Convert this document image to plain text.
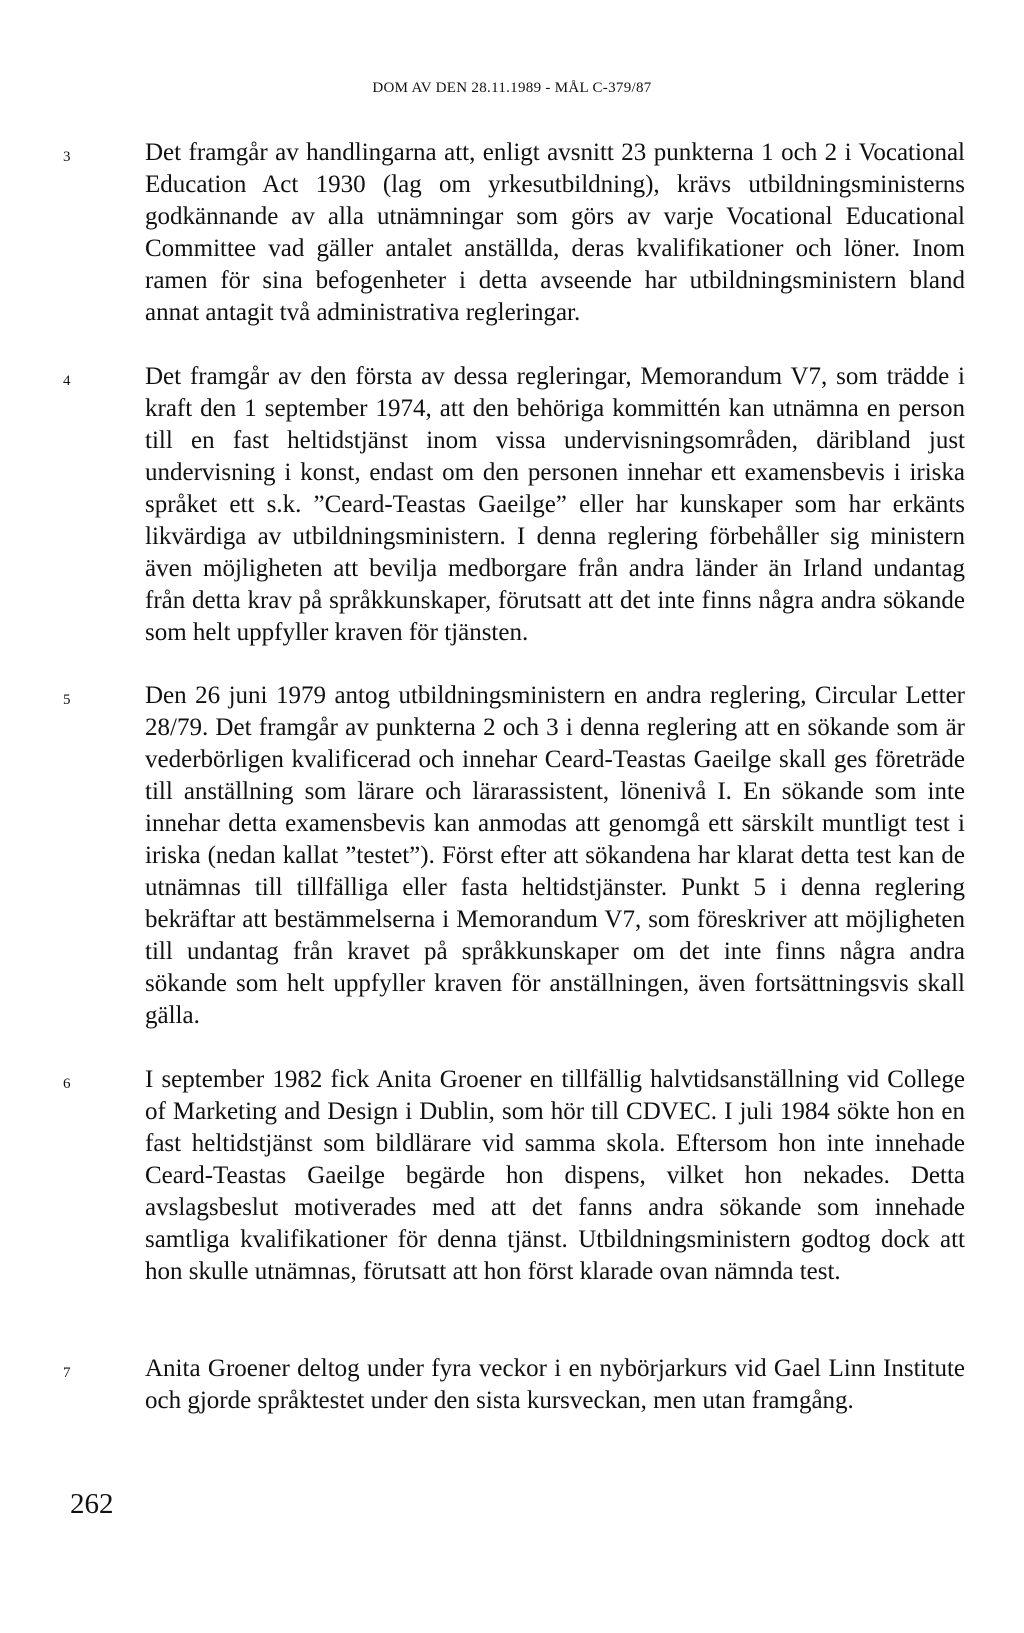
DOM AV DEN 28.11.1989 - MÅL C-379/87
3	Det framgår av handlingarna att, enligt avsnitt 23 punkterna 1 och 2 i Vocational Education Act 1930 (lag om yrkesutbildning), krävs utbildningsministerns godkännande av alla utnämningar som görs av varje Vocational Educational Committee vad gäller antalet anställda, deras kvalifikationer och löner. Inom ramen för sina befogenheter i detta avseende har utbildningsministern bland annat antagit två administrativa regleringar.

4	Det framgår av den första av dessa regleringar, Memorandum V7, som trädde i kraft den 1 september 1974, att den behöriga kommittén kan utnämna en person till en fast heltidstjänst inom vissa undervisningsområden, däribland just undervisning i konst, endast om den personen innehar ett examensbevis i iriska språket ett s.k. ”Ceard-Teastas Gaeilge” eller har kunskaper som har erkänts likvärdiga av utbildningsministern. I denna reglering förbehåller sig ministern även möjligheten att bevilja medborgare från andra länder än Irland undantag från detta krav på språkkunskaper, förutsatt att det inte finns några andra sökande som helt uppfyller kraven för tjänsten.

5	Den 26 juni 1979 antog utbildningsministern en andra reglering, Circular Letter 28/79. Det framgår av punkterna 2 och 3 i denna reglering att en sökande som är vederbörligen kvalificerad och innehar Ceard-Teastas Gaeilge skall ges företräde till anställning som lärare och lärarassistent, lönenivå I. En sökande som inte innehar detta examensbevis kan anmodas att genomgå ett särskilt muntligt test i iriska (nedan kallat ”testet”). Först efter att sökandena har klarat detta test kan de utnämnas till tillfälliga eller fasta heltidstjänster. Punkt 5 i denna reglering bekräftar att bestämmelserna i Memorandum V7, som föreskriver att möjligheten till undantag från kravet på språkkunskaper om det inte finns några andra sökande som helt uppfyller kraven för anställningen, även fortsättningsvis skall gälla.

6	I september 1982 fick Anita Groener en tillfällig halvtidsanställning vid College of Marketing and Design i Dublin, som hör till CDVEC. I juli 1984 sökte hon en fast heltidstjänst som bildlärare vid samma skola. Eftersom hon inte innehade Ceard-Teastas Gaeilge begärde hon dispens, vilket hon nekades. Detta avslagsbeslut motiverades med att det fanns andra sökande som innehade samtliga kvalifikationer för denna tjänst. Utbildningsministern godtog dock att hon skulle utnämnas, förutsatt att hon först klarade ovan nämnda test.

7	Anita Groener deltog under fyra veckor i en nybörjarkurs vid Gael Linn Institute och gjorde språktestet under den sista kursveckan, men utan framgång.

262
